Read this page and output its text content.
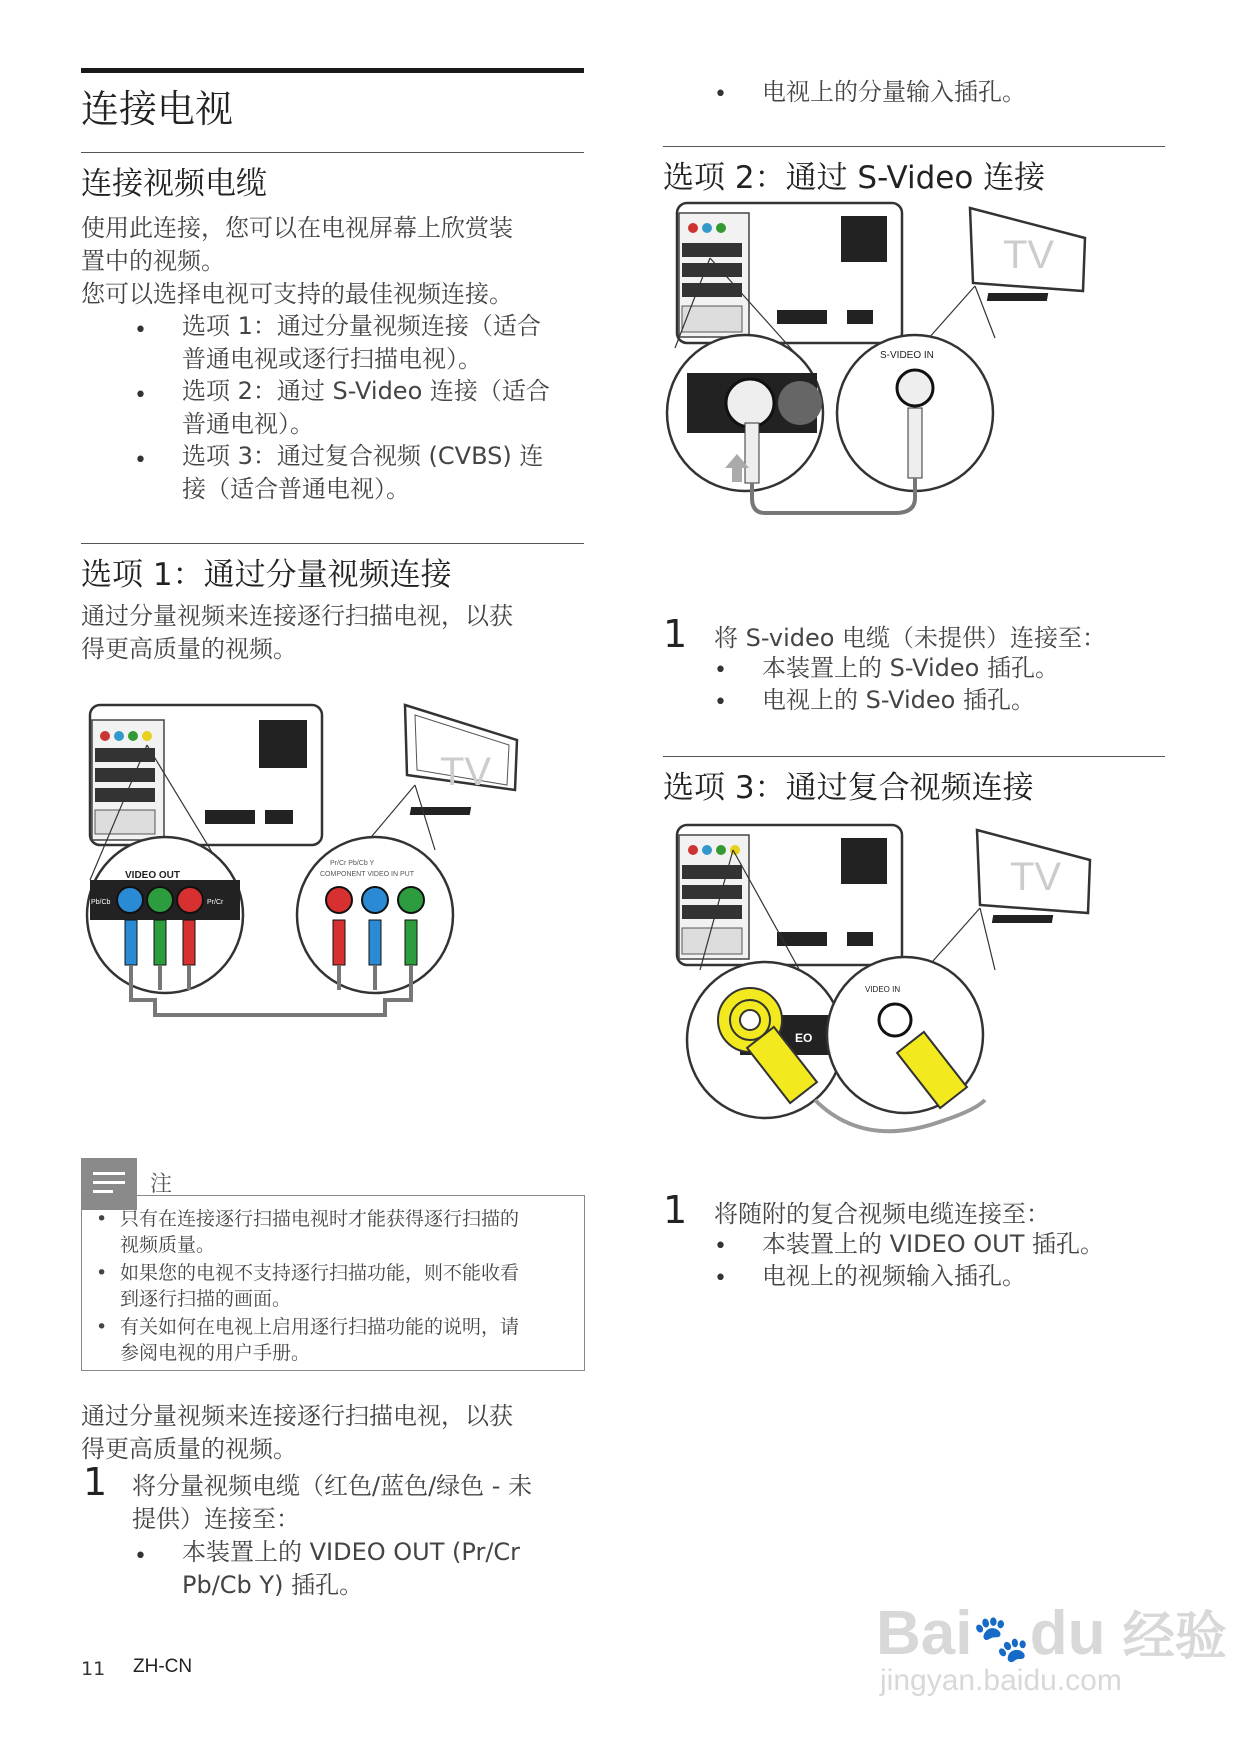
连接电视
连接视频电缆
使用此连接，您可以在电视屏幕上欣赏装
置中的视频。
您可以选择电视可支持的最佳视频连接。
• 选项 1：通过分量视频连接（适合
普通电视或逐行扫描电视）。
• 选项 2：通过 S-Video 连接（适合
普通电视）。
• 选项 3：通过复合视频 (CVBS) 连
接（适合普通电视）。
选项 1：通过分量视频连接
通过分量视频来连接逐行扫描电视，以获
得更高质量的视频。
VIDEO OUT
Pb/Cb	Pr/Cr
TV
Pr/Cr Pb/Cb Y
COMPONENT VIDEO IN PUT
注
• 只有在连接逐行扫描电视时才能获得逐行扫描的
视频质量。
• 如果您的电视不支持逐行扫描功能，则不能收看
到逐行扫描的画面。
• 有关如何在电视上启用逐行扫描功能的说明，请
参阅电视的用户手册。
通过分量视频来连接逐行扫描电视，以获
得更高质量的视频。
1 将分量视频电缆（红色/蓝色/绿色 - 未
提供）连接至：
• 本装置上的 VIDEO OUT (Pr/Cr
Pb/Cb Y) 插孔。
11 ZH-CN
• 电视上的分量输入插孔。
选项 2：通过 S-Video 连接
S-VIDEO
TV
S-VIDEO IN
1 将 S-video 电缆（未提供）连接至：
• 本装置上的 S-Video 插孔。
• 电视上的 S-Video 插孔。
选项 3：通过复合视频连接
EO
TV
VIDEO IN
1 将随附的复合视频电缆连接至：
• 本装置上的 VIDEO OUT 插孔。
• 电视上的视频输入插孔。
Bai🐾du 经验
jingyan.baidu.com
